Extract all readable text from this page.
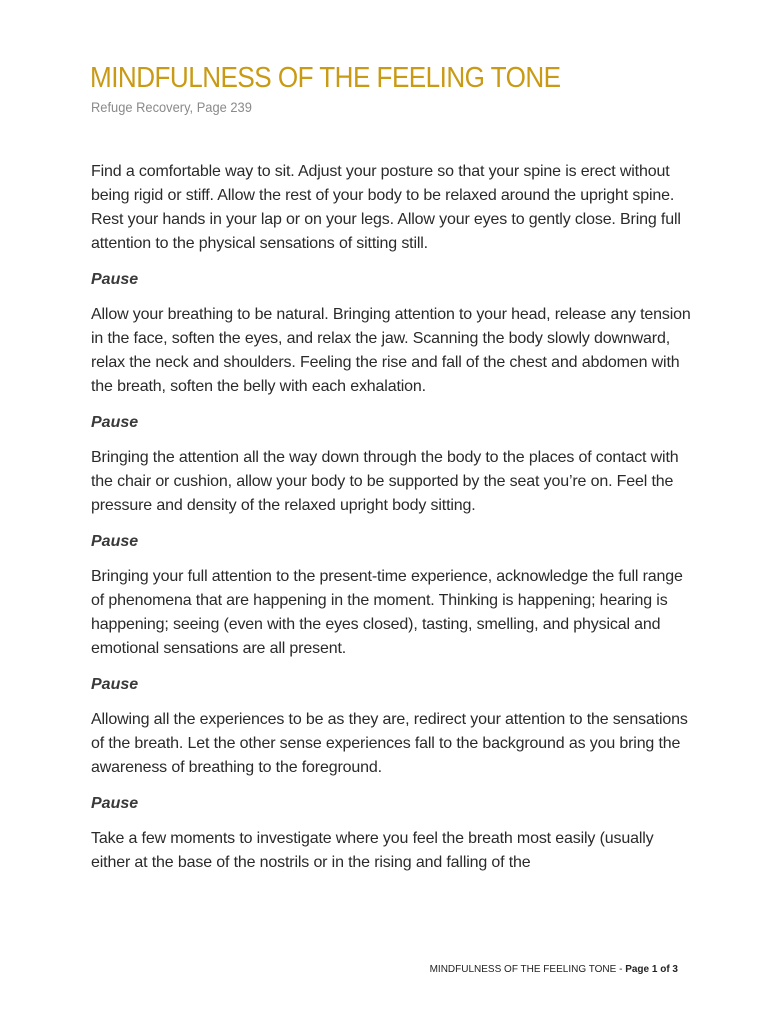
MINDFULNESS OF THE FEELING TONE

Refuge Recovery, Page 239

Find a comfortable way to sit. Adjust your posture so that your spine is erect without being rigid or stiff. Allow the rest of your body to be relaxed around the upright spine. Rest your hands in your lap or on your legs. Allow your eyes to gently close. Bring full attention to the physical sensations of sitting still.

Pause

Allow your breathing to be natural. Bringing attention to your head, release any tension in the face, soften the eyes, and relax the jaw. Scanning the body slowly downward, relax the neck and shoulders. Feeling the rise and fall of the chest and abdomen with the breath, soften the belly with each exhalation.

Pause

Bringing the attention all the way down through the body to the places of contact with the chair or cushion, allow your body to be supported by the seat you’re on. Feel the pressure and density of the relaxed upright body sitting.

Pause

Bringing your full attention to the present-time experience, acknowledge the full range of phenomena that are happening in the moment. Thinking is happening; hearing is happening; seeing (even with the eyes closed), tasting, smelling, and physical and emotional sensations are all present.

Pause

Allowing all the experiences to be as they are, redirect your attention to the sensations of the breath. Let the other sense experiences fall to the background as you bring the awareness of breathing to the foreground.

Pause

Take a few moments to investigate where you feel the breath most easily (usually either at the base of the nostrils or in the rising and falling of the

MINDFULNESS OF THE FEELING TONE - Page 1 of 3
